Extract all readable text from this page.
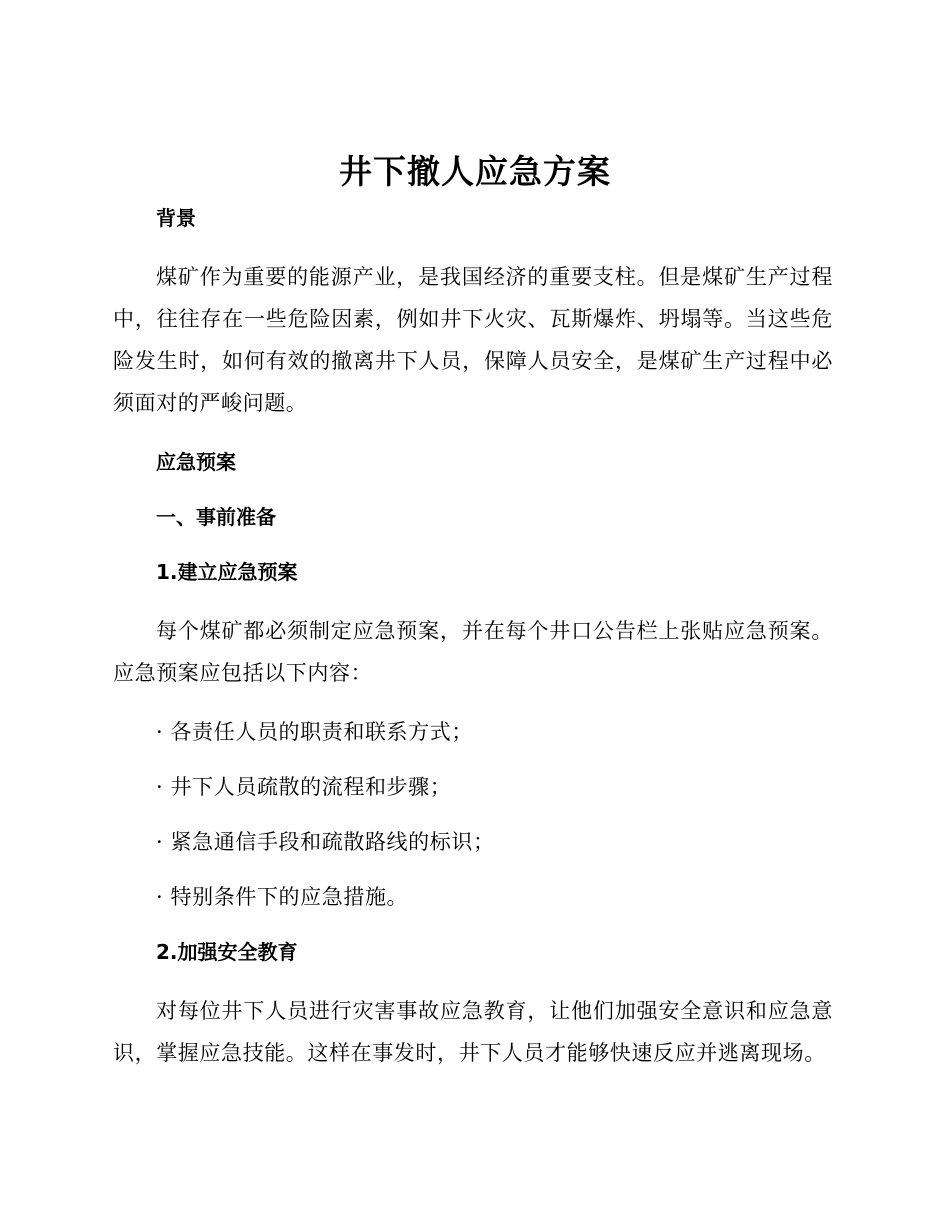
井下撤人应急方案

背景

煤矿作为重要的能源产业，是我国经济的重要支柱。但是煤矿生产过程中，往往存在一些危险因素，例如井下火灾、瓦斯爆炸、坍塌等。当这些危险发生时，如何有效的撤离井下人员，保障人员安全，是煤矿生产过程中必须面对的严峻问题。

应急预案

一、事前准备

1.建立应急预案

每个煤矿都必须制定应急预案，并在每个井口公告栏上张贴应急预案。应急预案应包括以下内容：

· 各责任人员的职责和联系方式；

· 井下人员疏散的流程和步骤；

· 紧急通信手段和疏散路线的标识；

· 特别条件下的应急措施。

2.加强安全教育

对每位井下人员进行灾害事故应急教育，让他们加强安全意识和应急意识，掌握应急技能。这样在事发时，井下人员才能够快速反应并逃离现场。
